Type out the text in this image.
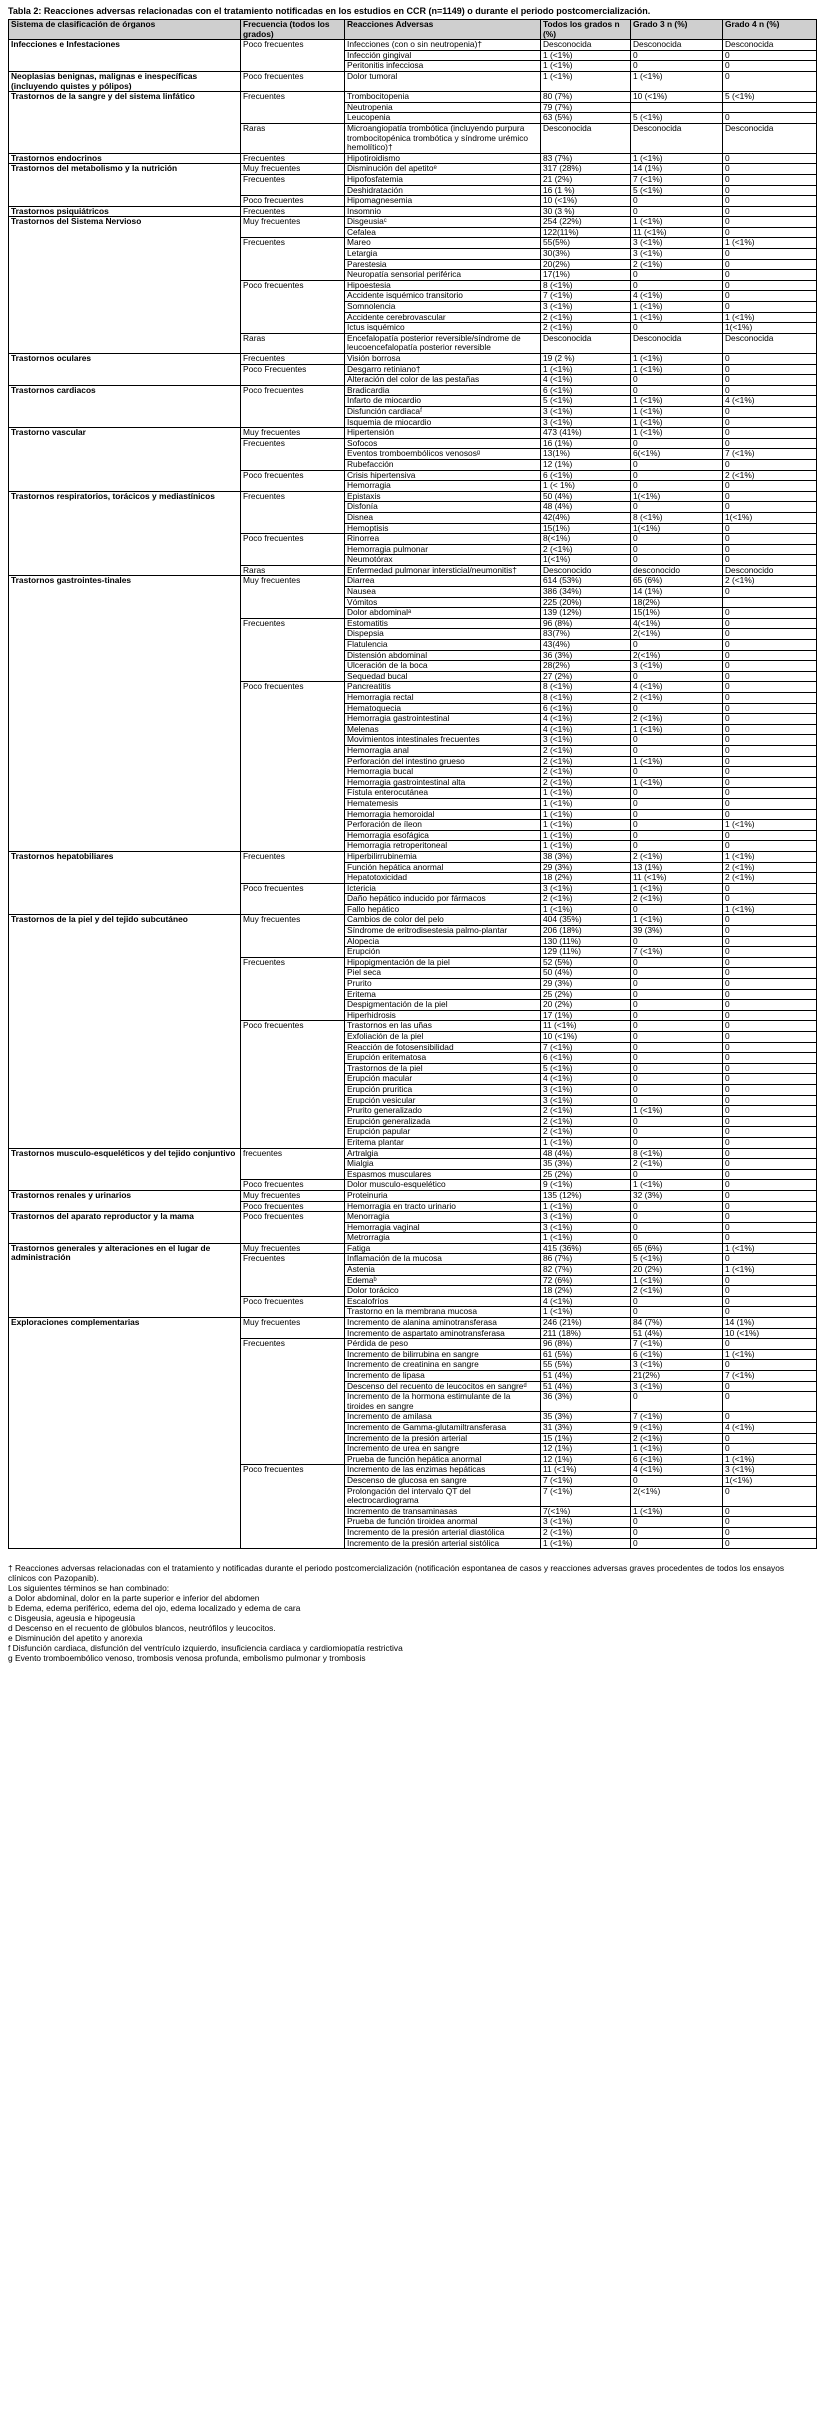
Tabla 2: Reacciones adversas relacionadas con el tratamiento notificadas en los estudios en CCR (n=1149) o durante el periodo postcomercialización.
Sistema de clasificación de órganos	Frecuencia (todos los grados)	Reacciones Adversas	Todos los grados n (%)	Grado 3 n (%)	Grado 4 n (%)
Infecciones e Infestaciones	Poco frecuentes	Infecciones (con o sin neutropenia)†	Desconocida	Desconocida	Desconocida
		Infección gingival	1 (<1%)	0	0
		Peritonitis infecciosa	1 (<1%)	0	0
Neoplasias benignas, malignas e inespecíficas (incluyendo quistes y pólipos)	Poco frecuentes	Dolor tumoral	1 (<1%)	1 (<1%)	0
Trastornos de la sangre y del sistema linfático	Frecuentes	Trombocitopenia	80 (7%)	10 (<1%)	5 (<1%)
		Neutropenia	79 (7%)		
		Leucopenia	63 (5%)	5 (<1%)	0
	Raras	Microangiopatía trombótica (incluyendo purpura trombocitopénica trombótica y síndrome urémico hemolítico)†	Desconocida	Desconocida	Desconocida
Trastornos endocrinos	Frecuentes	Hipotiroidismo	83 (7%)	1 (<1%)	0
Trastornos del metabolismo y la nutrición	Muy frecuentes	Disminución del apetitoᵉ	317 (28%)	14 (1%)	0
	Frecuentes	Hipofosfatemia	21 (2%)	7 (<1%)	0
		Deshidratación	16 (1 %)	5 (<1%)	0
	Poco frecuentes	Hipomagnesemia	10 (<1%)	0	0
Trastornos psiquiátricos	Frecuentes	Insomnio	30 (3 %)	0	0
Trastornos del Sistema Nervioso	Muy frecuentes	Disgeusiaᶜ	254 (22%)	1 (<1%)	0
		Cefalea	122(11%)	11 (<1%)	0
	Frecuentes	Mareo	55(5%)	3 (<1%)	1 (<1%)
		Letargia	30(3%)	3 (<1%)	0
		Parestesia	20(2%)	2 (<1%)	0
		Neuropatía sensorial periférica	17(1%)	0	0
	Poco frecuentes	Hipoestesia	8 (<1%)	0	0
		Accidente isquémico transitorio	7 (<1%)	4 (<1%)	0
		Somnolencia	3 (<1%)	1 (<1%)	0
		Accidente cerebrovascular	2 (<1%)	1 (<1%)	1 (<1%)
		Ictus isquémico	2 (<1%)	0	1(<1%)
	Raras	Encefalopatía posterior reversible/síndrome de leucoencefalopatía posterior reversible	Desconocida	Desconocida	Desconocida
Trastornos oculares	Frecuentes	Visión borrosa	19 (2 %)	1 (<1%)	0
	Poco Frecuentes	Desgarro retiniano†	1 (<1%)	1 (<1%)	0
		Alteración del color de las pestañas	4 (<1%)	0	0
Trastornos cardiacos	Poco frecuentes	Bradicardia	6 (<1%)	0	0
		Infarto de miocardio	5 (<1%)	1 (<1%)	4 (<1%)
		Disfunción cardiacaᶠ	3 (<1%)	1 (<1%)	0
		Isquemia de miocardio	3 (<1%)	1 (<1%)	0
Trastorno vascular	Muy frecuentes	Hipertensión	473 (41%)	1 (<1%)	0
	Frecuentes	Sofocos	16 (1%)	0	0
		Eventos tromboembólicos venososᵍ	13(1%)	6(<1%)	7 (<1%)
		Rubefacción	12 (1%)	0	0
	Poco frecuentes	Crisis hipertensiva	6 (<1%)	0	2 (<1%)
		Hemorragia	1 (< 1%)	0	0
Trastornos respiratorios, torácicos y mediastínicos	Frecuentes	Epistaxis	50 (4%)	1(<1%)	0
		Disfonía	48 (4%)	0	0
		Disnea	42(4%)	8 (<1%)	1(<1%)
		Hemoptisis	15(1%)	1(<1%)	0
	Poco frecuentes	Rinorrea	8(<1%)	0	0
		Hemorragia pulmonar	2 (<1%)	0	0
		Neumotórax	1(<1%)	0	0
	Raras	Enfermedad pulmonar intersticial/neumonitis†	Desconocido	desconocido	Desconocido
Trastornos gastrointes-tinales	Muy frecuentes	Diarrea	614 (53%)	65 (6%)	2 (<1%)
		Nausea	386 (34%)	14 (1%)	0
		Vómitos	225 (20%)	18(2%)	
		Dolor abdominalᵃ	139 (12%)	15(1%)	0
	Frecuentes	Estomatitis	96 (8%)	4(<1%)	0
		Dispepsia	83(7%)	2(<1%)	0
		Flatulencia	43(4%)	0	0
		Distensión abdominal	36 (3%)	2(<1%)	0
		Ulceración de la boca	28(2%)	3 (<1%)	0
		Sequedad bucal	27 (2%)	0	0
	Poco frecuentes	Pancreatitis	8 (<1%)	4 (<1%)	0
		Hemorragia rectal	8 (<1%)	2 (<1%)	0
		Hematoquecia	6 (<1%)	0	0
		Hemorragia gastrointestinal	4 (<1%)	2 (<1%)	0
		Melenas	4 (<1%)	1 (<1%)	0
		Movimientos intestinales frecuentes	3 (<1%)	0	0
		Hemorragia anal	2 (<1%)	0	0
		Perforación del intestino grueso	2 (<1%)	1 (<1%)	0
		Hemorragia bucal	2 (<1%)	0	0
		Hemorragia gastrointestinal alta	2 (<1%)	1 (<1%)	0
		Fístula enterocutánea	1 (<1%)	0	0
		Hematemesis	1 (<1%)	0	0
		Hemorragia hemoroidal	1 (<1%)	0	0
		Perforación de íleon	1 (<1%)	0	1 (<1%)
		Hemorragia esofágica	1 (<1%)	0	0
		Hemorragia retroperitoneal	1 (<1%)	0	0
Trastornos hepatobiliares	Frecuentes	Hiperbilirrubinemia	38 (3%)	2 (<1%)	1 (<1%)
		Función hepática anormal	29 (3%)	13 (1%)	2 (<1%)
		Hepatotoxicidad	18 (2%)	11 (<1%)	2 (<1%)
	Poco frecuentes	Ictericia	3 (<1%)	1 (<1%)	0
		Daño hepático inducido por fármacos	2 (<1%)	2 (<1%)	0
		Fallo hepático	1 (<1%)	0	1 (<1%)
Trastornos de la piel y del tejido subcutáneo	Muy frecuentes	Cambios de color del pelo	404 (35%)	1 (<1%)	0
		Síndrome de eritrodisestesia palmo-plantar	206 (18%)	39 (3%)	0
		Alopecia	130 (11%)	0	0
		Erupción	129 (11%)	7 (<1%)	0
	Frecuentes	Hipopigmentación de la piel	52 (5%)	0	0
		Piel seca	50 (4%)	0	0
		Prurito	29 (3%)	0	0
		Eritema	25 (2%)	0	0
		Despigmentación de la piel	20 (2%)	0	0
		Hiperhidrosis	17 (1%)	0	0
	Poco frecuentes	Trastornos en las uñas	11 (<1%)	0	0
		Exfoliación de la piel	10 (<1%)	0	0
		Reacción de fotosensibilidad	7 (<1%)	0	0
		Erupción eritematosa	6 (<1%)	0	0
		Trastornos de la piel	5 (<1%)	0	0
		Erupción macular	4 (<1%)	0	0
		Erupción pruritica	3 (<1%)	0	0
		Erupción vesicular	3 (<1%)	0	0
		Prurito generalizado	2 (<1%)	1 (<1%)	0
		Erupción generalizada	2 (<1%)	0	0
		Erupción papular	2 (<1%)	0	0
		Eritema plantar	1 (<1%)	0	0
Trastornos musculo-esqueléticos y del tejido conjuntivo	frecuentes	Artralgia	48 (4%)	8 (<1%)	0
		Mialgia	35 (3%)	2 (<1%)	0
		Espasmos musculares	25 (2%)	0	0
	Poco frecuentes	Dolor musculo-esquelético	9 (<1%)	1 (<1%)	0
Trastornos renales y urinarios	Muy frecuentes	Proteinuria	135 (12%)	32 (3%)	0
	Poco frecuentes	Hemorragia en tracto urinario	1 (<1%)	0	0
Trastornos del aparato reproductor y la mama	Poco frecuentes	Menorragia	3 (<1%)	0	0
		Hemorragia vaginal	3 (<1%)	0	0
		Metrorragia	1 (<1%)	0	0
Trastornos generales y alteraciones en el lugar de administración	Muy frecuentes	Fatiga	415 (36%)	65 (6%)	1 (<1%)
	Frecuentes	Inflamación de la mucosa	86 (7%)	5 (<1%)	0
		Astenia	82 (7%)	20 (2%)	1 (<1%)
		Edemaᵇ	72 (6%)	1 (<1%)	0
		Dolor torácico	18 (2%)	2 (<1%)	0
	Poco frecuentes	Escalofríos	4 (<1%)	0	0
		Trastorno en la membrana mucosa	1 (<1%)	0	0
Exploraciones complementarias	Muy frecuentes	Incremento de alanina aminotransferasa	246 (21%)	84 (7%)	14 (1%)
		Incremento de aspartato aminotransferasa	211 (18%)	51 (4%)	10 (<1%)
	Frecuentes	Pérdida de peso	96 (8%)	7 (<1%)	0
		Incremento de bilirrubina en sangre	61 (5%)	6 (<1%)	1 (<1%)
		Incremento de creatinina en sangre	55 (5%)	3 (<1%)	0
		Incremento de lipasa	51 (4%)	21(2%)	7 (<1%)
		Descenso del recuento de leucocitos en sangreᵈ	51 (4%)	3 (<1%)	0
		Incremento de la hormona estimulante de la tiroides en sangre	36 (3%)	0	0
		Incremento de amilasa	35 (3%)	7 (<1%)	0
		Incremento de Gamma-glutamiltransferasa	31 (3%)	9 (<1%)	4 (<1%)
		Incremento de la presión arterial	15 (1%)	2 (<1%)	0
		Incremento de urea en sangre	12 (1%)	1 (<1%)	0
		Prueba de función hepática anormal	12 (1%)	6 (<1%)	1 (<1%)
	Poco frecuentes	Incremento de las enzimas hepáticas	11 (<1%)	4 (<1%)	3 (<1%)
		Descenso de glucosa en sangre	7 (<1%)	0	1(<1%)
		Prolongación del intervalo QT del electrocardiograma	7 (<1%)	2(<1%)	0
		Incremento de transaminasas	7(<1%)	1 (<1%)	0
		Prueba de función tiroidea anormal	3 (<1%)	0	0
		Incremento de la presión arterial diastólica	2 (<1%)	0	0
		Incremento de la presión arterial sistólica	1 (<1%)	0	0
† Reacciones adversas relacionadas con el tratamiento y notificadas durante el periodo postcomercialización (notificación espontanea de casos y reacciones adversas graves procedentes de todos los ensayos clínicos con Pazopanib).
Los siguientes términos se han combinado:
a Dolor abdominal, dolor en la parte superior e inferior del abdomen
b Edema, edema periférico, edema del ojo, edema localizado y edema de cara
c Disgeusia, ageusia e hipogeusia
d Descenso en el recuento de glóbulos blancos, neutrófilos y leucocitos.
e Disminución del apetito y anorexia
f Disfunción cardiaca, disfunción del ventrículo izquierdo, insuficiencia cardiaca y cardiomiopatía restrictiva
g Evento tromboembólico venoso, trombosis venosa profunda, embolismo pulmonar y trombosis
